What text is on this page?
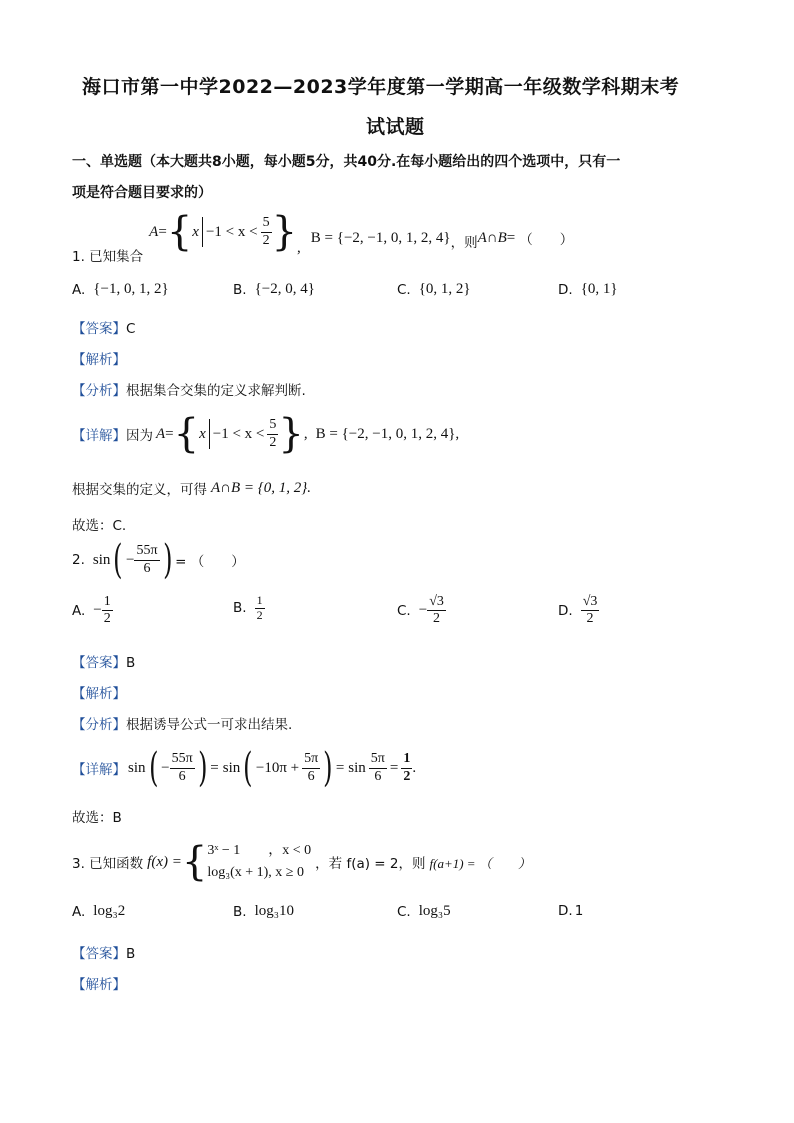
海口市第一中学2022—2023学年度第一学期高一年级数学科期末考
试试题
一、单选题（本大题共8小题，每小题5分，共40分.在每小题给出的四个选项中，只有一
项是符合题目要求的）
1. 已知集合
A = { $x -1 < x < \frac{5}{2}$ } ,
B = {−2, −1, 0, 1, 2, 4} ，则 A∩B = （　　）
A. {−1, 0, 1, 2}	B. {−2, 0, 4}	C. {0, 1, 2}	D. {0, 1}
【答案】C
【解析】
【分析】根据集合交集的定义求解判断.
【详解】 因为 A = { $x -1 < x < \frac{5}{2}$ } , B = {−2, −1, 0, 1, 2, 4} ,
根据交集的定义，可得 A∩B = {0, 1, 2}.
故选：C.
2. sin ( − $\frac{55\pi}{6}$ ) = （　　）
A. − $\frac{1}{2}$	B. $\frac{1}{2}$	C. − $\frac{√3}{2}$	D. $\frac{√3}{2}$
【答案】B
【解析】
【分析】根据诱导公式一可求出结果.
【详解】 sin ( − $\frac{55\pi}{6}$ ) = sin ( $-10\pi + \frac{5\pi}{6}$ ) = $\sin \frac{5\pi}{6} = \frac{1}{2}$ .
故选：B
3. 已知函数 f(x) = { 3ˣ − 1　　，x < 0
log₃(x + 1), x ≥ 0
，若 f(a) = 2，则 f(a+1) = （　　）
A. log₃2	B. log₃10	C. log₃5	D. 1
【答案】B
【解析】
